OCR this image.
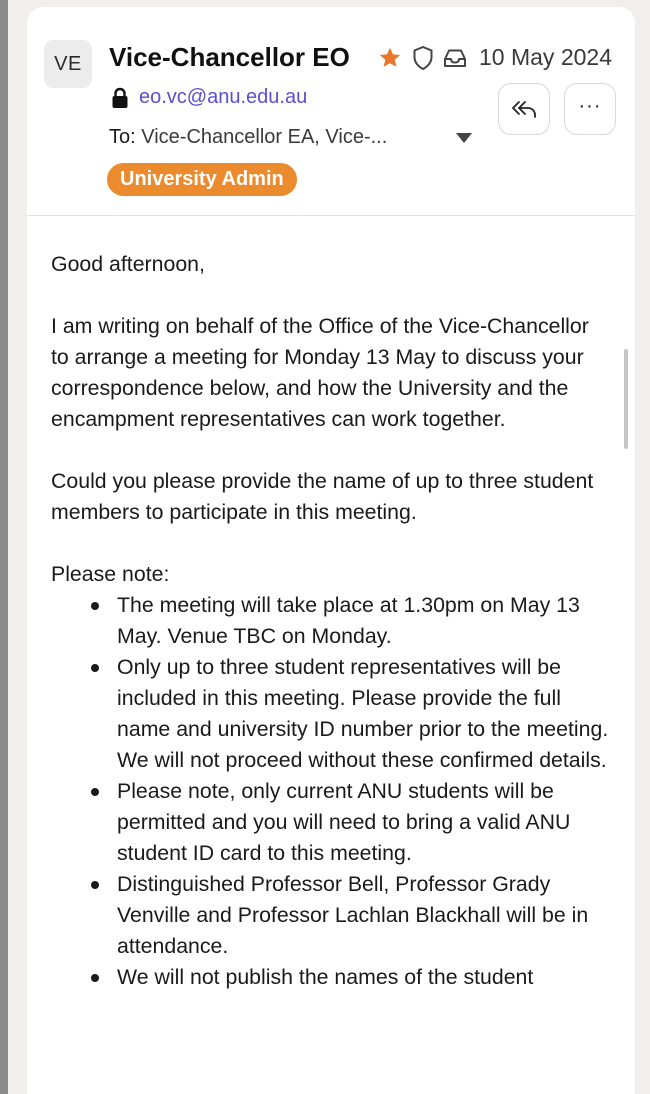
VE	Vice-Chancellor EO	10 May 2024
eo.vc@anu.edu.au
To: Vice-Chancellor EA, Vice-...
University Admin
···

Good afternoon,

I am writing on behalf of the Office of the Vice-Chancellor to arrange a meeting for Monday 13 May to discuss your correspondence below, and how the University and the encampment representatives can work together.

Could you please provide the name of up to three student members to participate in this meeting.

Please note:

The meeting will take place at 1.30pm on May 13 May. Venue TBC on Monday.
Only up to three student representatives will be included in this meeting. Please provide the full name and university ID number prior to the meeting. We will not proceed without these confirmed details.
Please note, only current ANU students will be permitted and you will need to bring a valid ANU student ID card to this meeting.
Distinguished Professor Bell, Professor Grady Venville and Professor Lachlan Blackhall will be in attendance.
We will not publish the names of the student
